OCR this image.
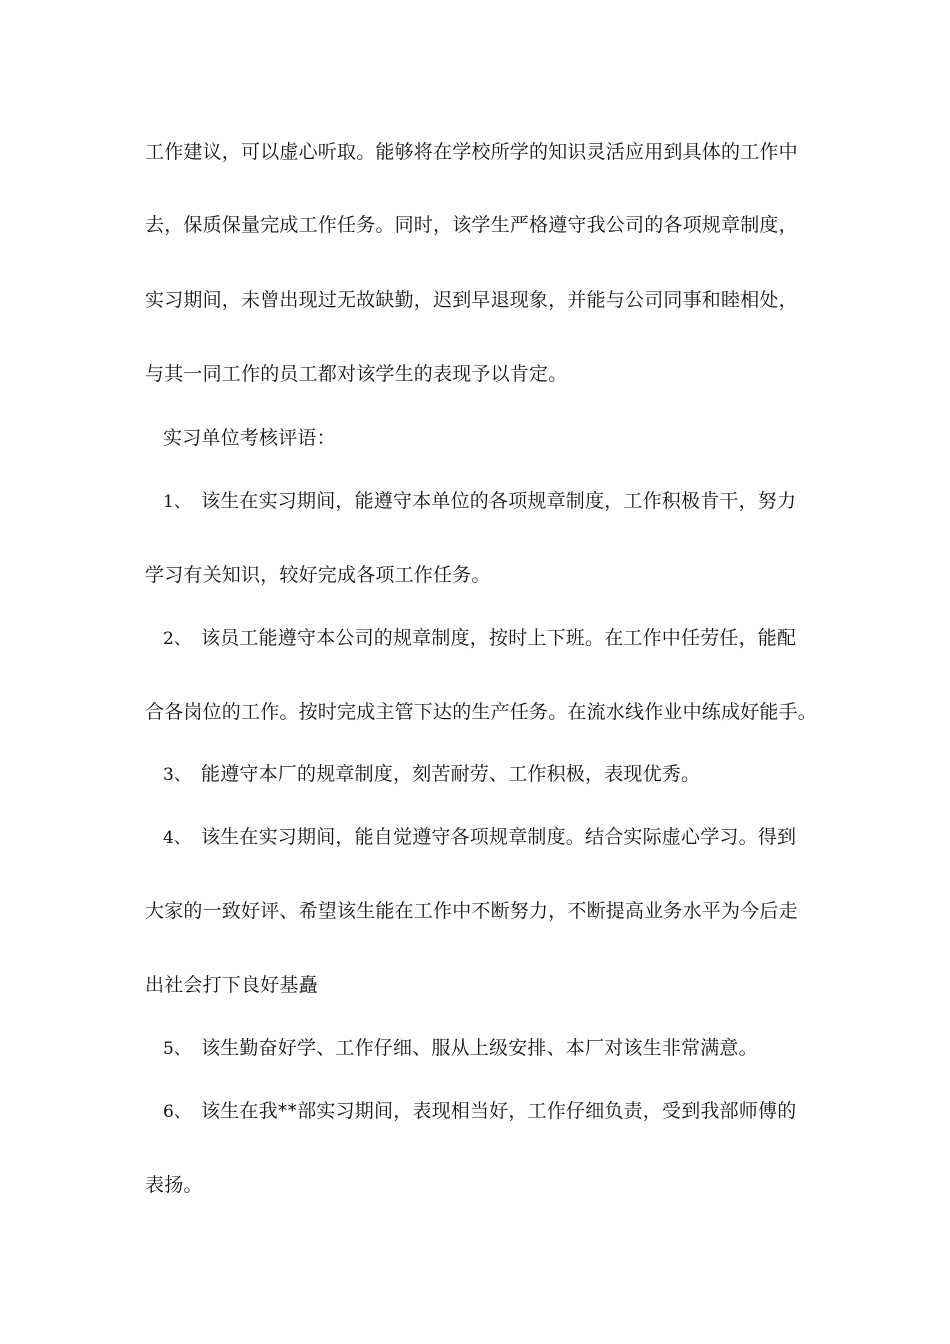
工作建议，可以虚心听取。能够将在学校所学的知识灵活应用到具体的工作中
去，保质保量完成工作任务。同时，该学生严格遵守我公司的各项规章制度，
实习期间，未曾出现过无故缺勤，迟到早退现象，并能与公司同事和睦相处，
与其一同工作的员工都对该学生的表现予以肯定。
实习单位考核评语：
1、 该生在实习期间，能遵守本单位的各项规章制度，工作积极肯干，努力
学习有关知识，较好完成各项工作任务。
2、 该员工能遵守本公司的规章制度，按时上下班。在工作中任劳任，能配
合各岗位的工作。按时完成主管下达的生产任务。在流水线作业中练成好能手。
3、 能遵守本厂的规章制度，刻苦耐劳、工作积极，表现优秀。
4、 该生在实习期间，能自觉遵守各项规章制度。结合实际虚心学习。得到
大家的一致好评、希望该生能在工作中不断努力，不断提高业务水平为今后走
出社会打下良好基矗
5、 该生勤奋好学、工作仔细、服从上级安排、本厂对该生非常满意。
6、 该生在我**部实习期间，表现相当好，工作仔细负责，受到我部师傅的
表扬。
